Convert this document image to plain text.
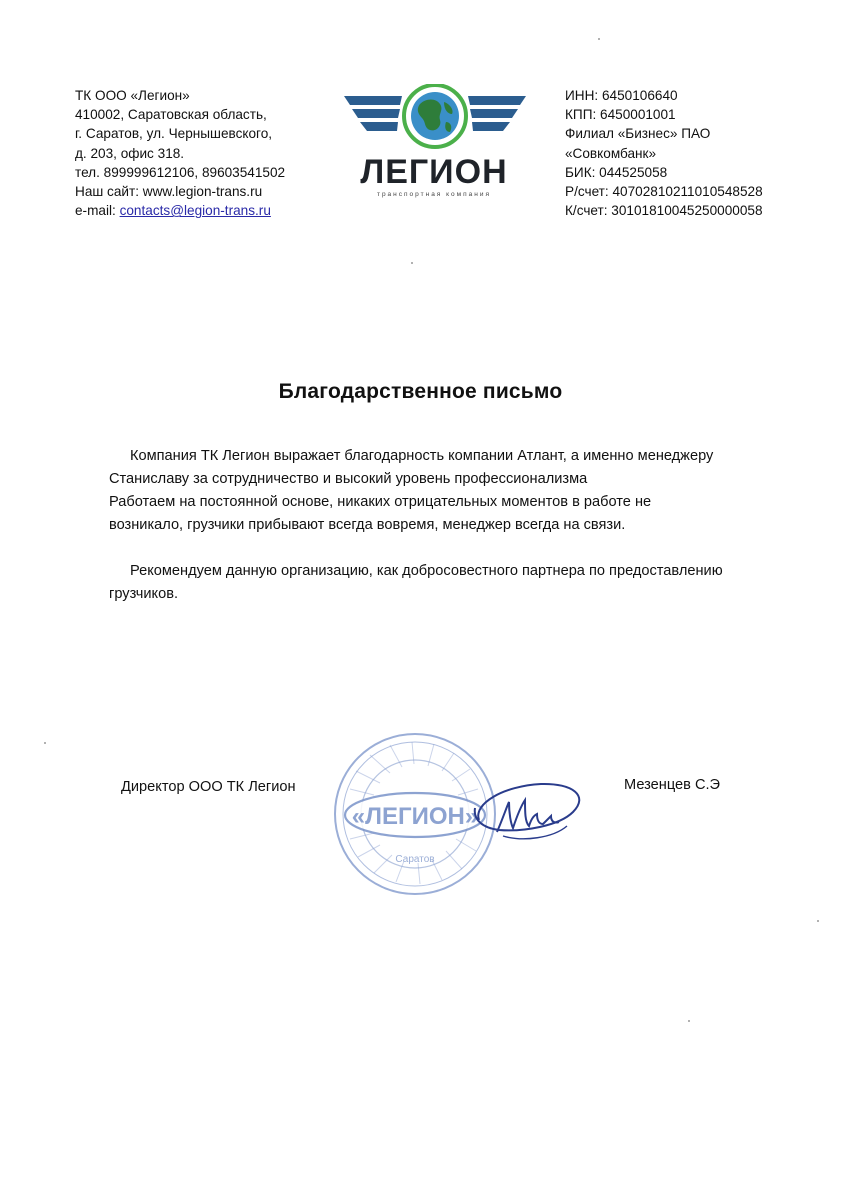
ТК ООО «Легион»
410002, Саратовская область,
г. Саратов, ул. Чернышевского,
д. 203, офис 318.
тел. 899999612106, 89603541502
Наш сайт: www.legion-trans.ru
e-mail: contacts@legion-trans.ru
ЛЕГИОН
транспортная компания
ИНН: 6450106640
КПП: 6450001001
Филиал «Бизнес» ПАО
«Совкомбанк»
БИК: 044525058
Р/счет: 40702810211010548528
К/счет: 30101810045250000058
Благодарственное письмо
Компания ТК Легион выражает благодарность компании Атлант, а именно менеджеру
Станиславу за сотрудничество и высокий уровень профессионализма
Работаем на постоянной основе, никаких отрицательных моментов в работе не
возникало, грузчики прибывают всегда вовремя, менеджер всегда на связи.
Рекомендуем данную организацию, как добросовестного партнера по предоставлению
грузчиков.
«ЛЕГИОН»
Саратов
Директор ООО ТК Легион	Мезенцев С.Э
